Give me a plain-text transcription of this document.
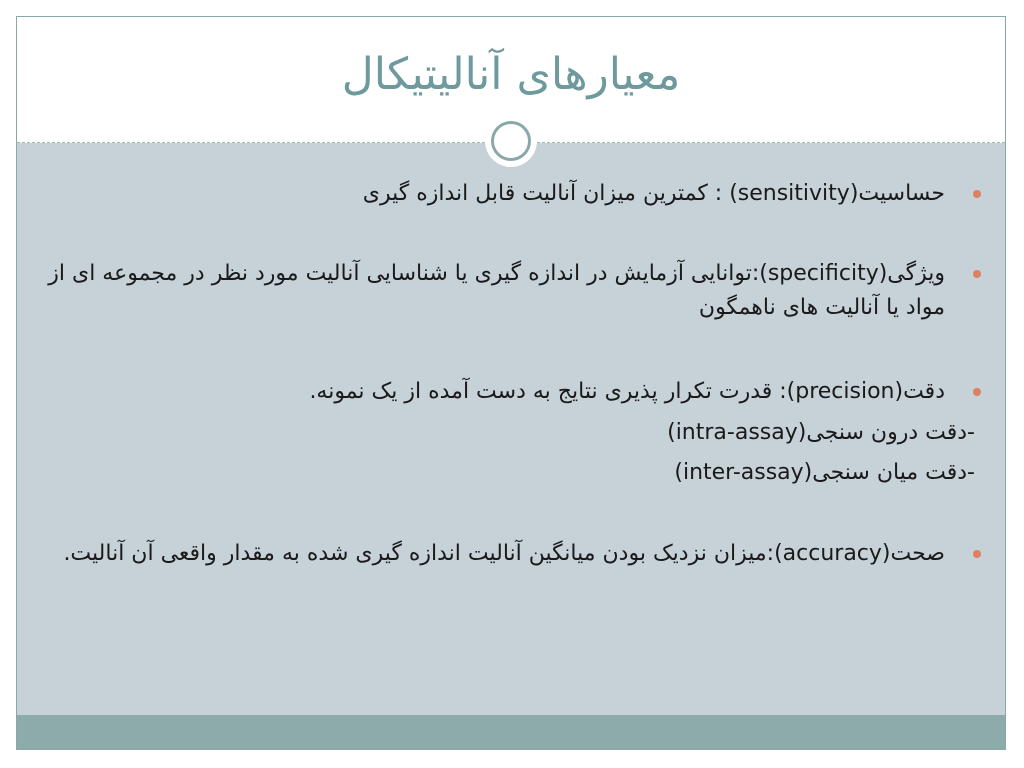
معیارهای آنالیتیکال
حساسیت(sensitivity) : کمترین میزان آنالیت قابل اندازه گیری
ویژگی(specificity):توانایی آزمایش در اندازه گیری یا شناسایی آنالیت مورد نظر در مجموعه ای از مواد یا آنالیت های ناهمگون
دقت(precision): قدرت تکرار پذیری نتایج به دست آمده از یک نمونه.
-دقت درون سنجی(intra-assay)
-دقت میان سنجی(inter-assay)
صحت(accuracy):میزان نزدیک بودن میانگین آنالیت اندازه گیری شده به مقدار واقعی آن آنالیت.
